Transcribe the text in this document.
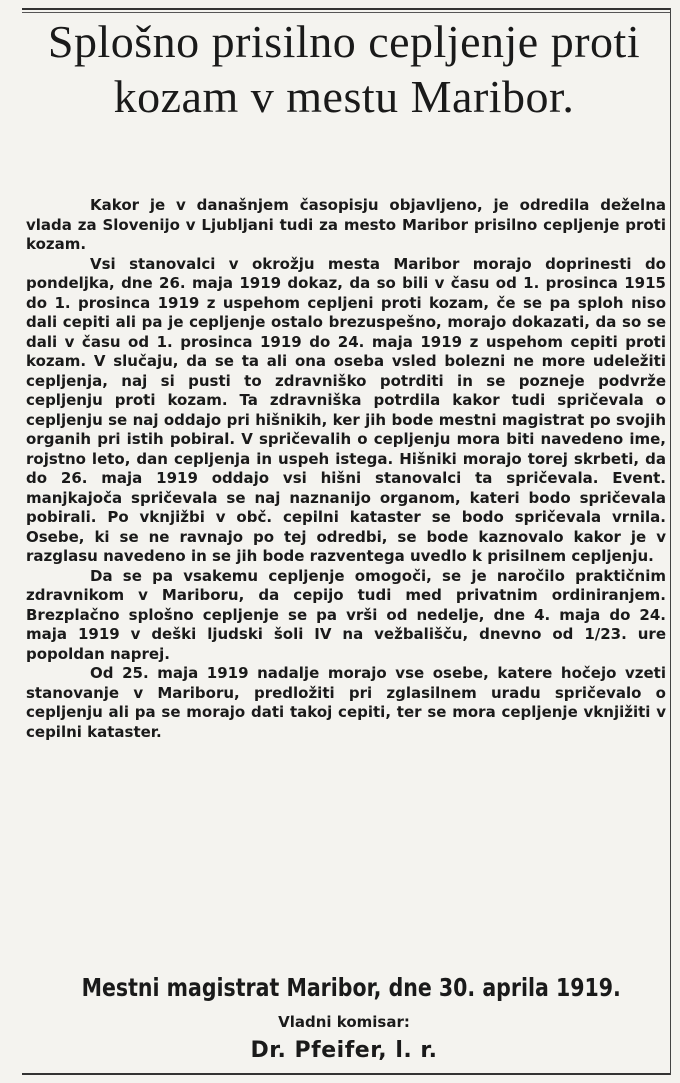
Splošno prisilno cepljenje proti kozam v mestu Maribor.

Kakor je v današnjem časopisju objavljeno, je odredila deželna vlada za Slovenijo v Ljubljani tudi za mesto Maribor prisilno cepljenje proti kozam.

Vsi stanovalci v okrožju mesta Maribor morajo doprinesti do pondeljka, dne 26. maja 1919 dokaz, da so bili v času od 1. prosinca 1915 do 1. prosinca 1919 z uspehom cepljeni proti kozam, če se pa sploh niso dali cepiti ali pa je cepljenje ostalo brezuspešno, morajo dokazati, da so se dali v času od 1. prosinca 1919 do 24. maja 1919 z uspehom cepiti proti kozam. V slučaju, da se ta ali ona oseba vsled bolezni ne more udeležiti cepljenja, naj si pusti to zdravniško potrditi in se pozneje podvrže cepljenju proti kozam. Ta zdravniška potrdila kakor tudi spričevala o cepljenju se naj oddajo pri hišnikih, ker jih bode mestni magistrat po svojih organih pri istih pobiral. V spričevalih o cepljenju mora biti navedeno ime, rojstno leto, dan cepljenja in uspeh istega. Hišniki morajo torej skrbeti, da do 26. maja 1919 oddajo vsi hišni stanovalci ta spričevala. Event. manjkajoča spričevala se naj naznanijo organom, kateri bodo spričevala pobirali. Po vknjižbi v obč. cepilni kataster se bodo spričevala vrnila. Osebe, ki se ne ravnajo po tej odredbi, se bode kaznovalo kakor je v razglasu navedeno in se jih bode razventega uvedlo k prisilnem cepljenju.

Da se pa vsakemu cepljenje omogoči, se je naročilo praktičnim zdravnikom v Mariboru, da cepijo tudi med privatnim ordiniranjem. Brezplačno splošno cepljenje se pa vrši od nedelje, dne 4. maja do 24. maja 1919 v deški ljudski šoli IV na vežbališču, dnevno od 1/23. ure popoldan naprej.

Od 25. maja 1919 nadalje morajo vse osebe, katere hočejo vzeti stanovanje v Mariboru, predložiti pri zglasilnem uradu spričevalo o cepljenju ali pa se morajo dati takoj cepiti, ter se mora cepljenje vknjižiti v cepilni kataster.

Mestni magistrat Maribor, dne 30. aprila 1919.
Vladni komisar:
Dr. Pfeifer, l. r.
